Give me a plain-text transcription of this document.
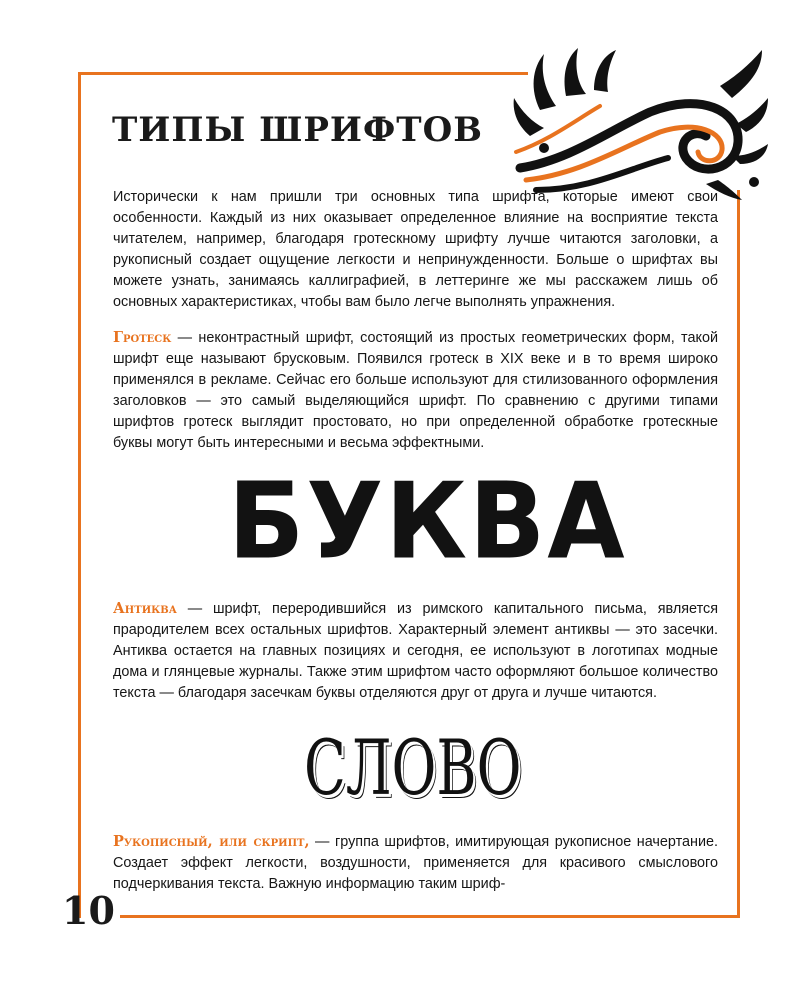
ТИПЫ ШРИФТОВ

Исторически к нам пришли три основных типа шрифта, которые имеют свои особенности. Каждый из них оказывает определенное влияние на восприятие текста читателем, например, благодаря гротескному шрифту лучше читаются заголовки, а рукописный создает ощущение легкости и непринужденности. Больше о шрифтах вы можете узнать, занимаясь каллиграфией, в леттеринге же мы расскажем лишь об основных характеристиках, чтобы вам было легче выполнять упражнения.

Гротеск — неконтрастный шрифт, состоящий из простых геометрических форм, такой шрифт еще называют брусковым. Появился гротеск в XIX веке и в то время широко применялся в рекламе. Сейчас его больше используют для стилизованного оформления заголовков — это самый выделяющийся шрифт. По сравнению с другими типами шрифтов гротеск выглядит простовато, но при определенной обработке гротескные буквы могут быть интересными и весьма эффектными.

БУКВА

Антиква — шрифт, переродившийся из римского капитального письма, является прародителем всех остальных шрифтов. Характерный элемент антиквы — это засечки. Антиква остается на главных позициях и сегодня, ее используют в логотипах модные дома и глянцевые журналы. Также этим шрифтом часто оформляют большое количество текста — благодаря засечкам буквы отделяются друг от друга и лучше читаются.

СЛОВО

Рукописный, или скрипт, — группа шрифтов, имитирующая рукописное начертание. Создает эффект легкости, воздушности, применяется для красивого смыслового подчеркивания текста. Важную информацию таким шриф-

10
